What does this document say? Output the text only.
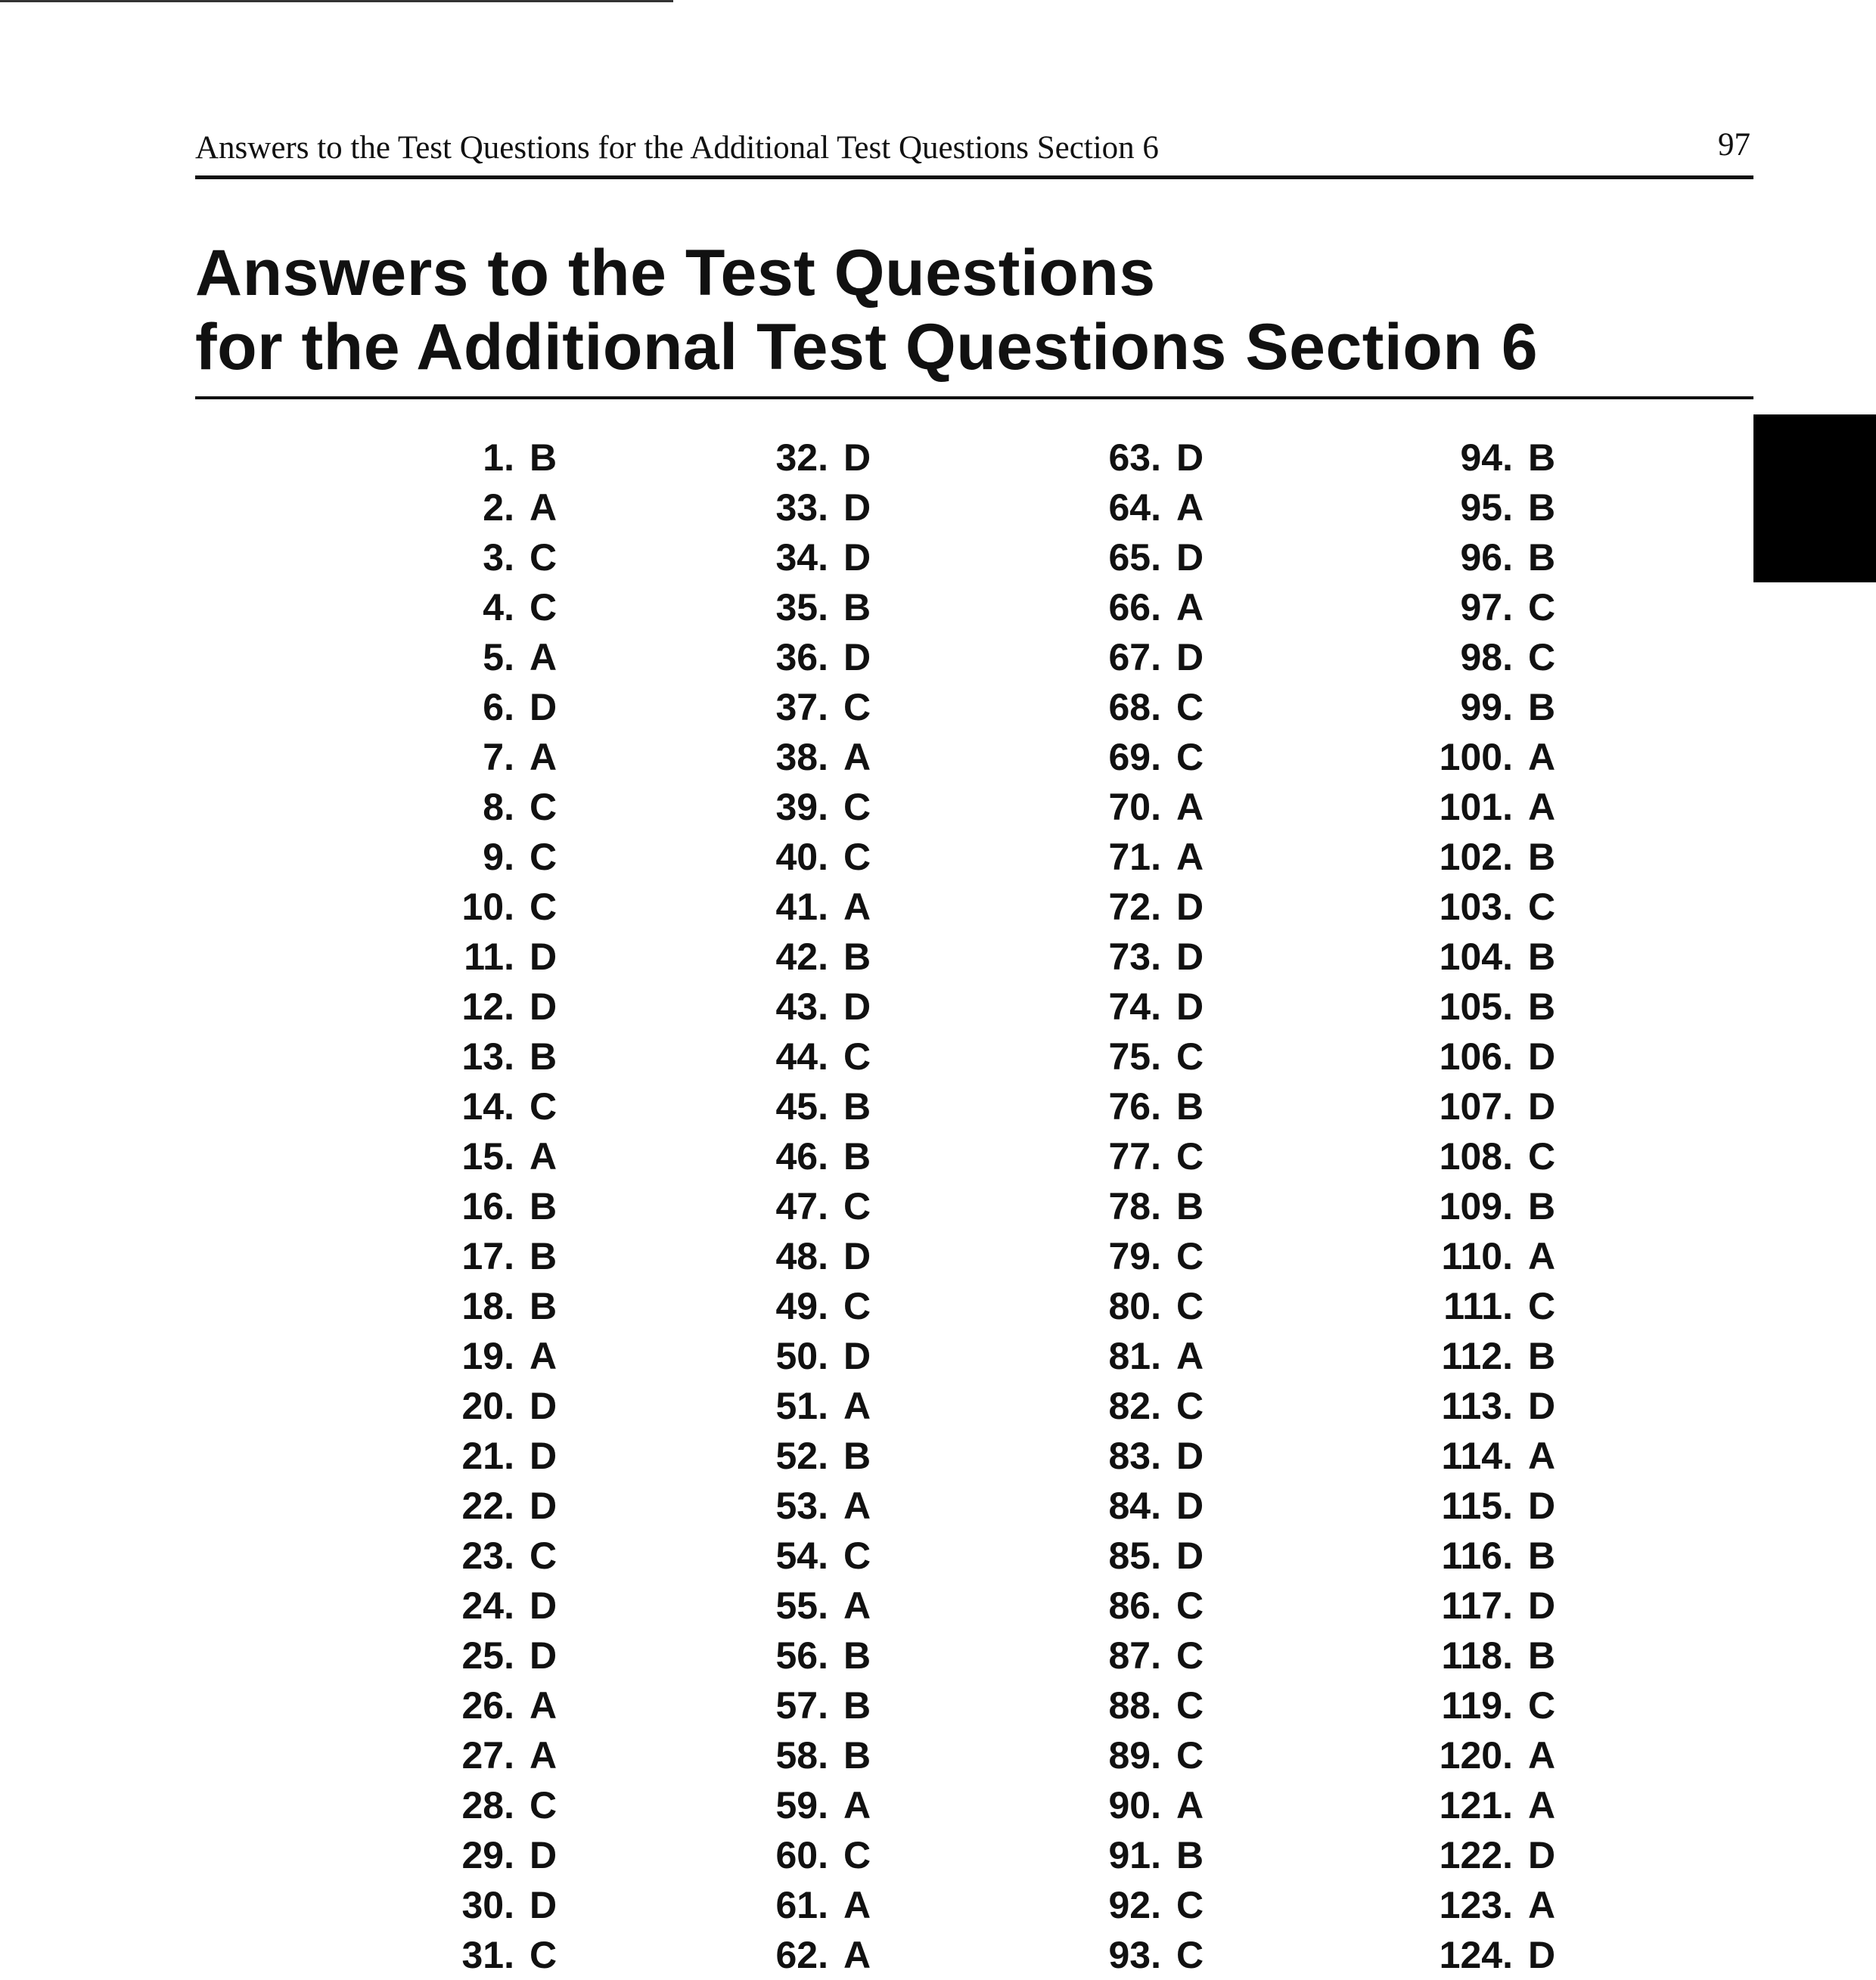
Answers to the Test Questions for the Additional Test Questions Section 6	97
Answers to the Test Questions
for the Additional Test Questions Section 6
1. B
2. A
3. C
4. C
5. A
6. D
7. A
8. C
9. C
10. C
11. D
12. D
13. B
14. C
15. A
16. B
17. B
18. B
19. A
20. D
21. D
22. D
23. C
24. D
25. D
26. A
27. A
28. C
29. D
30. D
31. C
32. D
33. D
34. D
35. B
36. D
37. C
38. A
39. C
40. C
41. A
42. B
43. D
44. C
45. B
46. B
47. C
48. D
49. C
50. D
51. A
52. B
53. A
54. C
55. A
56. B
57. B
58. B
59. A
60. C
61. A
62. A
63. D
64. A
65. D
66. A
67. D
68. C
69. C
70. A
71. A
72. D
73. D
74. D
75. C
76. B
77. C
78. B
79. C
80. C
81. A
82. C
83. D
84. D
85. D
86. C
87. C
88. C
89. C
90. A
91. B
92. C
93. C
94. B
95. B
96. B
97. C
98. C
99. B
100. A
101. A
102. B
103. C
104. B
105. B
106. D
107. D
108. C
109. B
110. A
111. C
112. B
113. D
114. A
115. D
116. B
117. D
118. B
119. C
120. A
121. A
122. D
123. A
124. D
